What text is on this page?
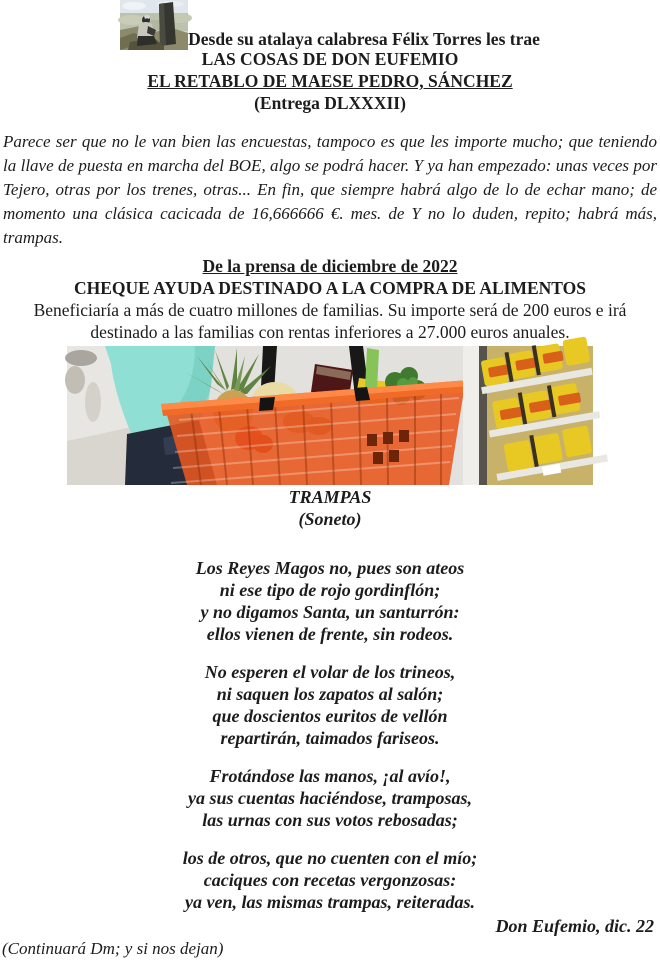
Desde su atalaya calabresa Félix Torres les trae
LAS COSAS DE DON EUFEMIO
EL RETABLO DE MAESE PEDRO, SÁNCHEZ
(Entrega DLXXXII)

Parece ser que no le van bien las encuestas, tampoco es que les importe mucho; que teniendo la llave de puesta en marcha del BOE, algo se podrá hacer. Y ya han empezado: unas veces por Tejero, otras por los trenes, otras... En fin, que siempre habrá algo de lo de echar mano; de momento una clásica cacicada de 16,666666 €. mes. de Y no lo duden, repito; habrá más, trampas.

De la prensa de diciembre de 2022
CHEQUE AYUDA DESTINADO A LA COMPRA DE ALIMENTOS
Beneficiaría a más de cuatro millones de familias. Su importe será de 200 euros e irá destinado a las familias con rentas inferiores a 27.000 euros anuales.
TRAMPAS
(Soneto)
Los Reyes Magos no, pues son ateos
ni ese tipo de rojo gordinflón;
y no digamos Santa, un santurrón:
ellos vienen de frente, sin rodeos.
No esperen el volar de los trineos,
ni saquen los zapatos al salón;
que doscientos euritos de vellón
repartirán, taimados fariseos.
Frotándose las manos, ¡al avío!,
ya sus cuentas haciéndose, tramposas,
las urnas con sus votos rebosadas;
los de otros, que no cuenten con el mío;
caciques con recetas vergonzosas:
ya ven, las mismas trampas, reiteradas.
Don Eufemio, dic. 22
(Continuará Dm; y si nos dejan)
